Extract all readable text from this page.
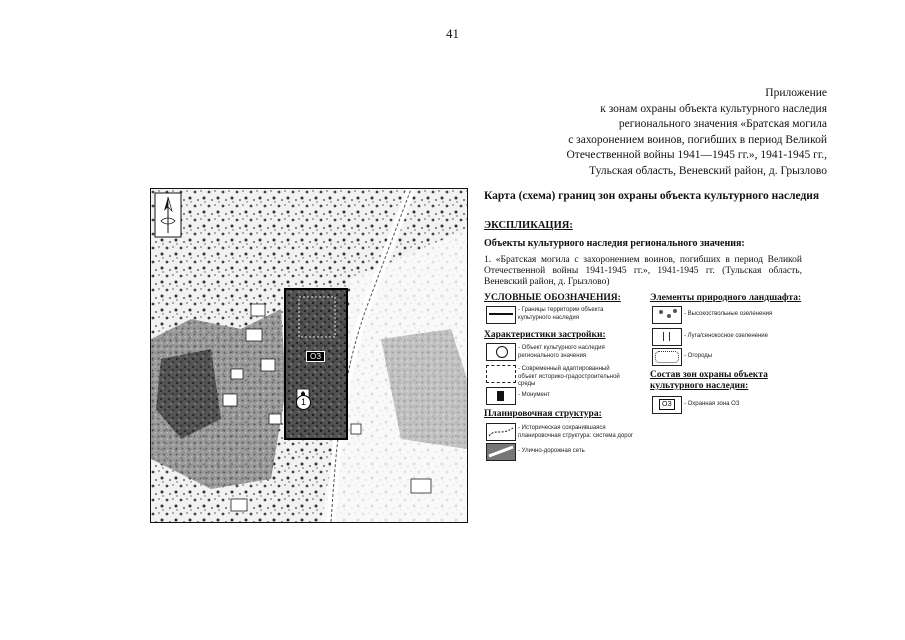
41
Приложение
к зонам охраны объекта культурного наследия
регионального значения «Братская могила
с захоронением воинов, погибших в период Великой
Отечественной войны 1941—1945 гг.», 1941-1945 гг.,
Тульская область, Веневский район, д. Грызлово
ОЗ
1
Карта (схема) границ зон охраны объекта культурного наследия
ЭКСПЛИКАЦИЯ:
Объекты культурного наследия регионального значения:
1. «Братская могила с захоронением воинов, погибших в период Великой Отечественной войны 1941-1945 гг.», 1941-1945 гг. (Тульская область, Веневский район, д. Грызлово)
УСЛОВНЫЕ ОБОЗНАЧЕНИЯ:
- Границы территории объекта культурного наследия
Характеристики застройки:
- Объект культурного наследия регионального значения
- Современный адаптированный объект историко-градостроительной среды
- Монумент
Планировочная структура:
- Историческая сохранившаяся планировочная структура: система дорог
- Улично-дорожная сеть
Элементы природного ландшафта:
- Высокоствольные озеленения
- Луга/сенокосное озеленение
- Огороды
Состав зон охраны объекта
культурного наследия:
ОЗ	- Охранная зона ОЗ
